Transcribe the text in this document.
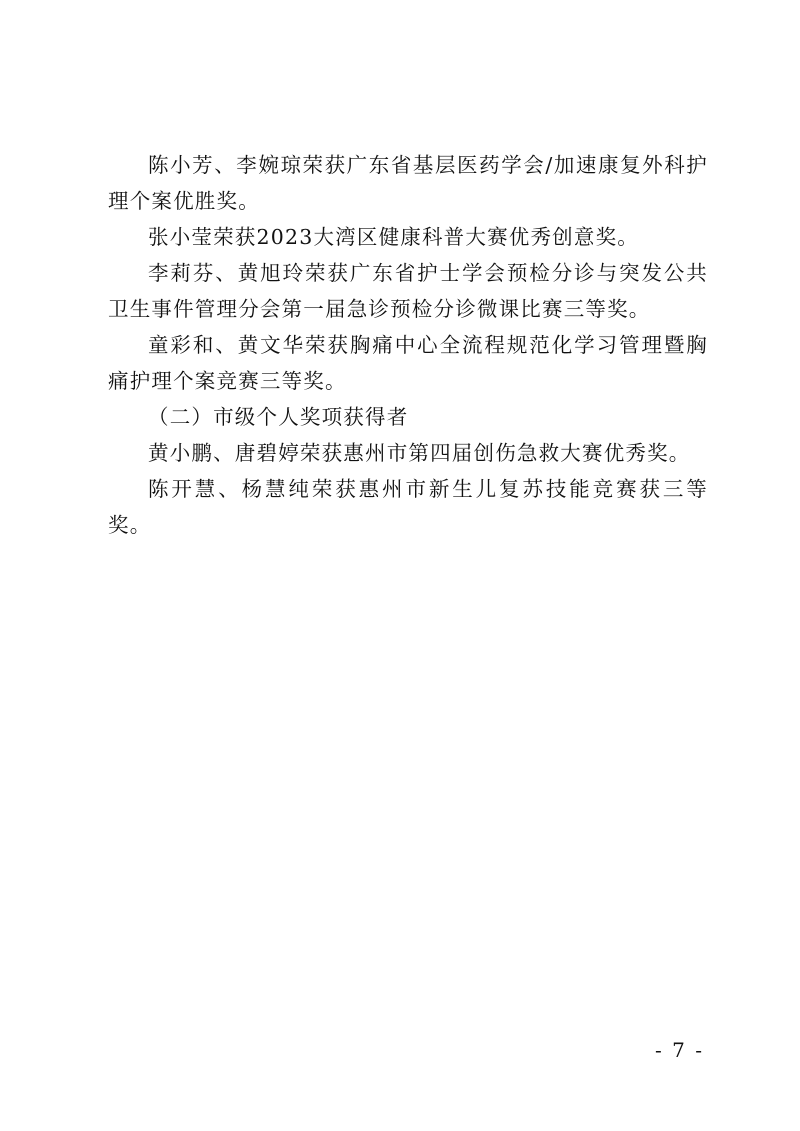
陈小芳、李婉琼荣获广东省基层医药学会/加速康复外科护理个案优胜奖。

张小莹荣获2023大湾区健康科普大赛优秀创意奖。

李莉芬、黄旭玲荣获广东省护士学会预检分诊与突发公共卫生事件管理分会第一届急诊预检分诊微课比赛三等奖。

童彩和、黄文华荣获胸痛中心全流程规范化学习管理暨胸痛护理个案竞赛三等奖。

（二）市级个人奖项获得者

黄小鹏、唐碧婷荣获惠州市第四届创伤急救大赛优秀奖。

陈开慧、杨慧纯荣获惠州市新生儿复苏技能竞赛获三等奖。

- 7 -
